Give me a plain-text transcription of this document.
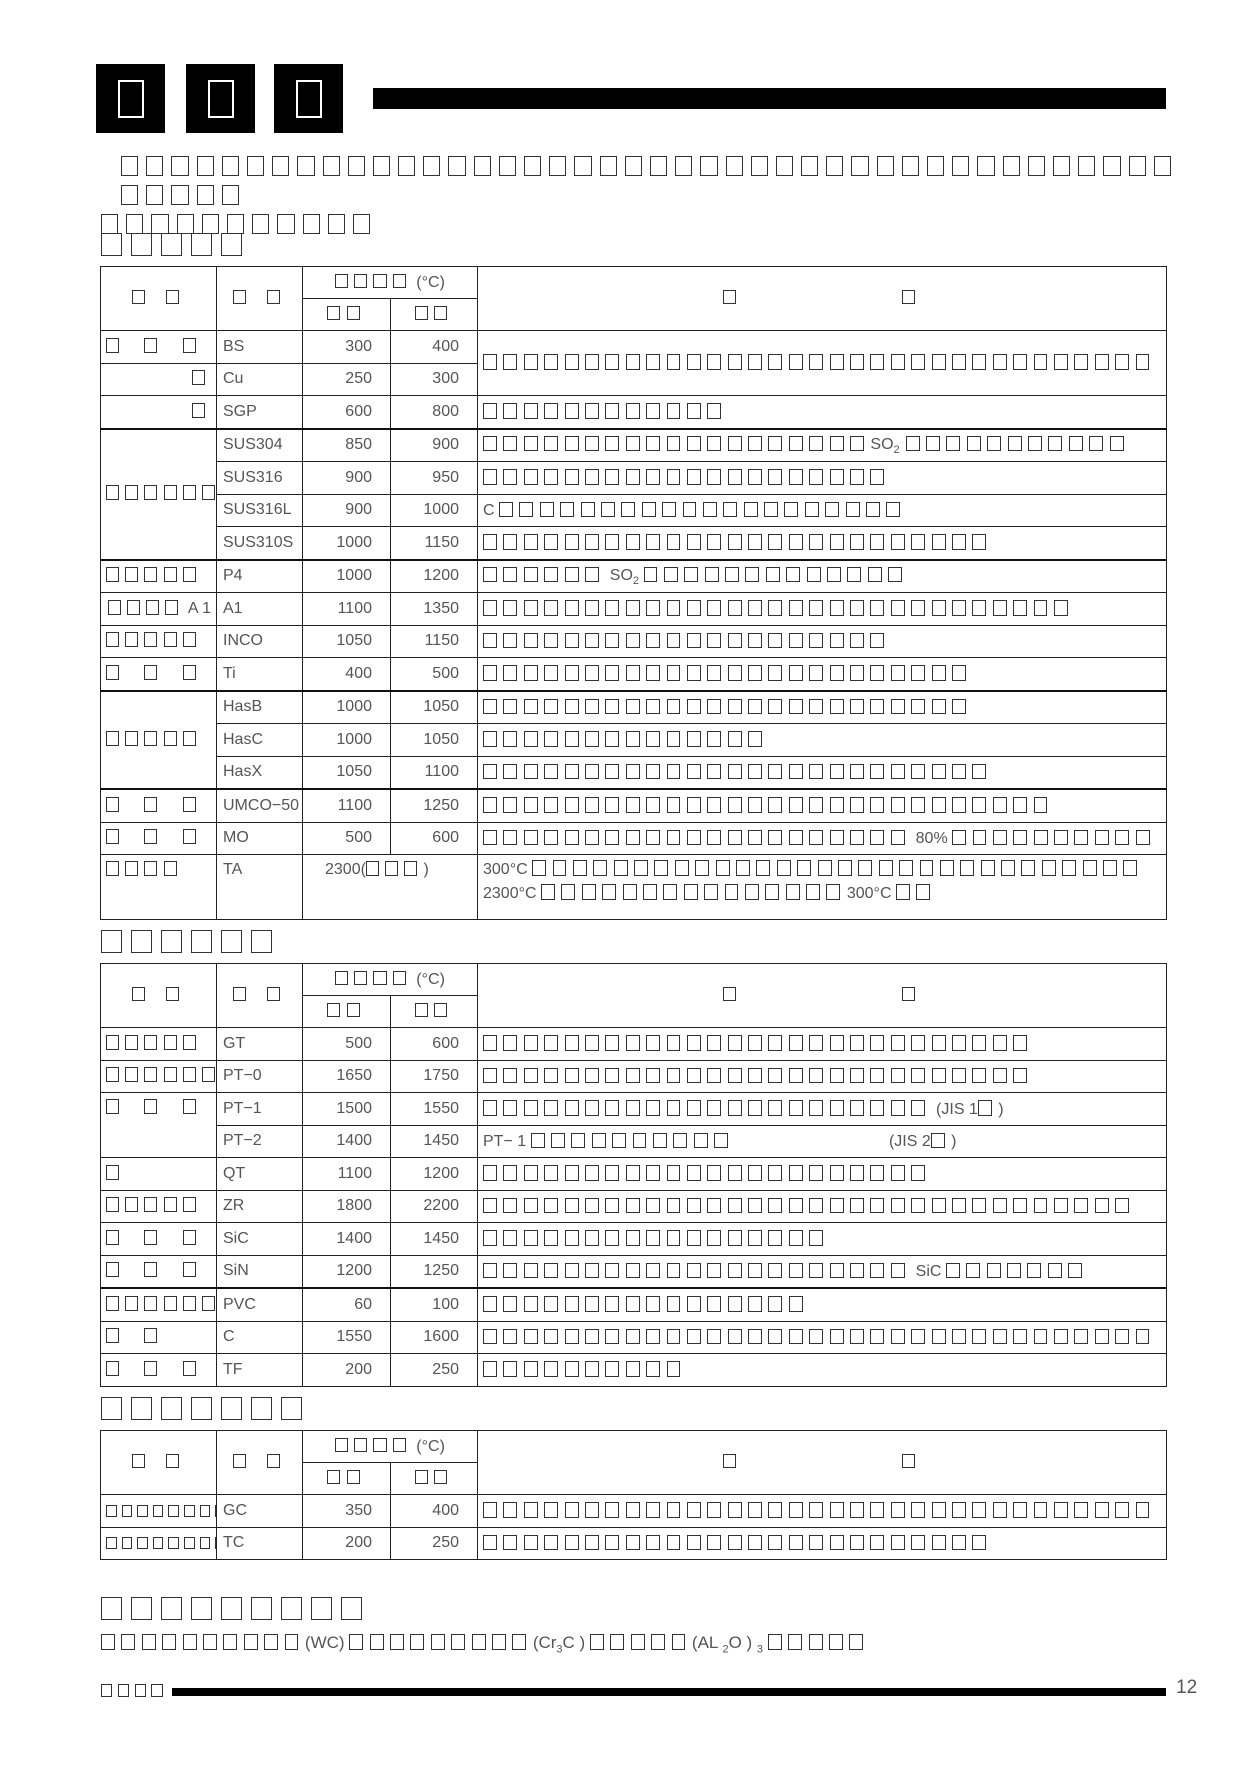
		(°C)		

	BS	300	400	

	Cu	250	300	
	SGP	600	800	

	SUS304	850	900	$SO_2$
	SUS316	900	950	

	SUS316L	900	1000	C
	SUS310S	1000	1150	

	P4	1000	1200	$SO_2$
A 1	A1	1100	1350	

	INCO	1050	1150	

	Ti	400	500	

	HasB	1000	1050	

	HasC	1000	1050	

	HasX	1050	1100	

	UMCO−50	1100	1250	

	MO	500	600	80%
	TA	2300( )		300°C
2300°C 300°C
		(°C)		

	GT	500	600	

	PT−0	1650	1750	

	PT−1	1500	1550	(JIS 1 )
	PT−2	1400	1450	PT− 1 (JIS 2 )
	QT	1100	1200	

	ZR	1800	2200	

	SiC	1400	1450	

	SiN	1200	1250	SiC
	PVC	60	100	

	C	1550	1600	

	TF	200	250	
		(°C)		

	GC	350	400	

	TC	200	250	
(WC)	($Cr_3C$ )	(AL $_2$O ) $_3$
12
